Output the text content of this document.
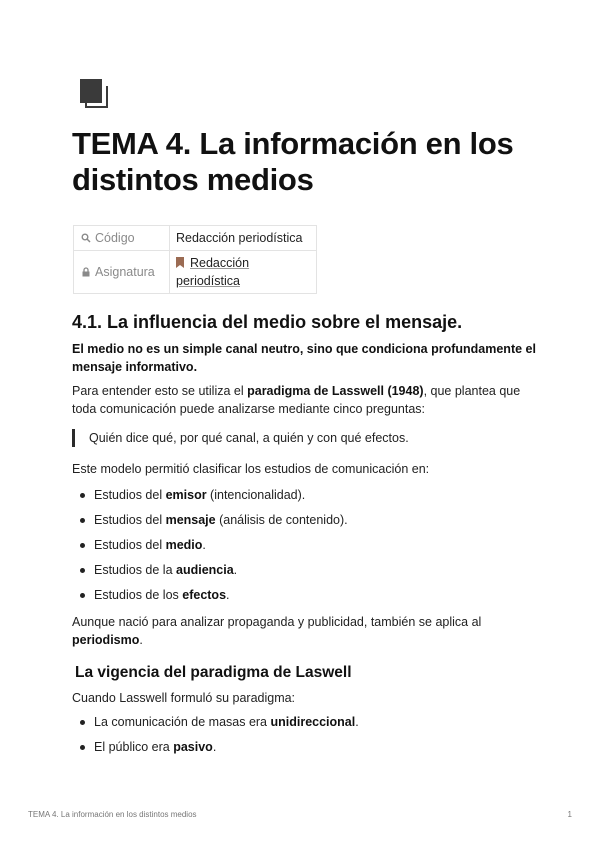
TEMA 4. La información en los distintos medios
Código	Redacción periodística
Asignatura	Redacción periodística
4.1. La influencia del medio sobre el mensaje.

El medio no es un simple canal neutro, sino que condiciona profundamente el mensaje informativo.

Para entender esto se utiliza el paradigma de Lasswell (1948), que plantea que toda comunicación puede analizarse mediante cinco preguntas:

Quién dice qué, por qué canal, a quién y con qué efectos.

Este modelo permitió clasificar los estudios de comunicación en:

Estudios del emisor (intencionalidad).
Estudios del mensaje (análisis de contenido).
Estudios del medio.
Estudios de la audiencia.
Estudios de los efectos.

Aunque nació para analizar propaganda y publicidad, también se aplica al periodismo.

La vigencia del paradigma de Laswell

Cuando Lasswell formuló su paradigma:

La comunicación de masas era unidireccional.
El público era pasivo.
TEMA 4. La información en los distintos medios	1
